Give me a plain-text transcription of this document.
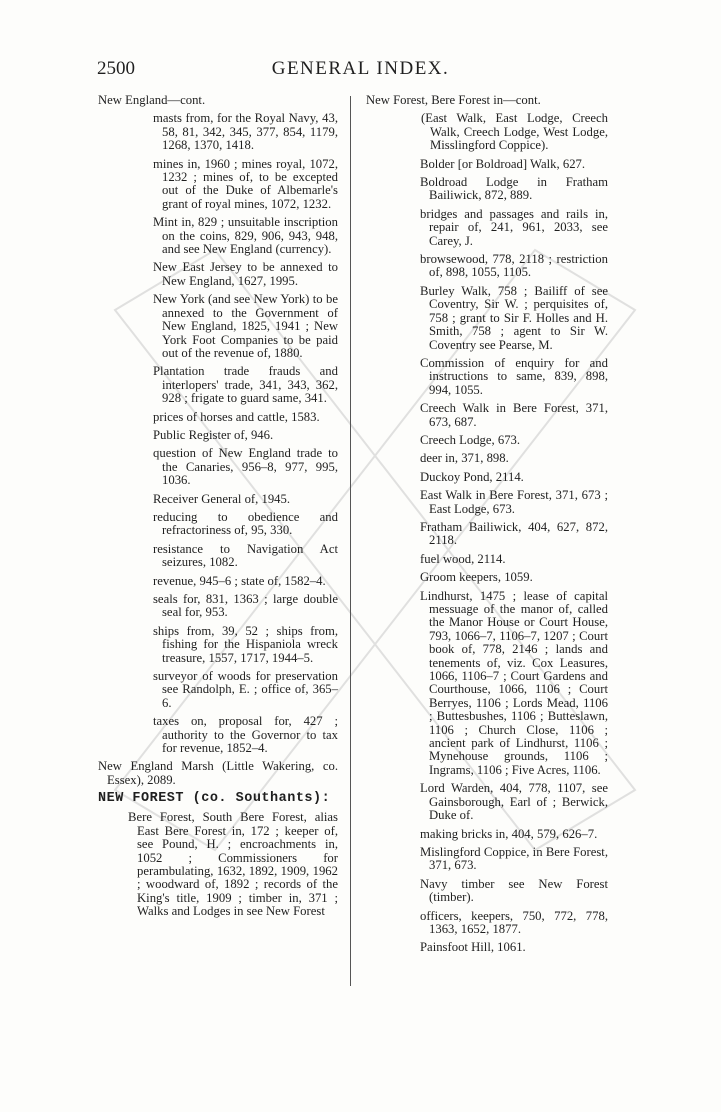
2500	GENERAL INDEX.
New England—cont.
masts from, for the Royal Navy, 43, 58, 81, 342, 345, 377, 854, 1179, 1268, 1370, 1418.
mines in, 1960 ; mines royal, 1072, 1232 ; mines of, to be excepted out of the Duke of Albemarle's grant of royal mines, 1072, 1232.
Mint in, 829 ; unsuitable inscription on the coins, 829, 906, 943, 948, and see New England (currency).
New East Jersey to be annexed to New England, 1627, 1995.
New York (and see New York) to be annexed to the Government of New England, 1825, 1941 ; New York Foot Companies to be paid out of the revenue of, 1880.
Plantation trade frauds and interlopers' trade, 341, 343, 362, 928 ; frigate to guard same, 341.
prices of horses and cattle, 1583.
Public Register of, 946.
question of New England trade to the Canaries, 956–8, 977, 995, 1036.
Receiver General of, 1945.
reducing to obedience and refractoriness of, 95, 330.
resistance to Navigation Act seizures, 1082.
revenue, 945–6 ; state of, 1582–4.
seals for, 831, 1363 ; large double seal for, 953.
ships from, 39, 52 ; ships from, fishing for the Hispaniola wreck treasure, 1557, 1717, 1944–5.
surveyor of woods for preservation see Randolph, E. ; office of, 365–6.
taxes on, proposal for, 427 ; authority to the Governor to tax for revenue, 1852–4.
New England Marsh (Little Wakering, co. Essex), 2089.
NEW FOREST (co. Southants):
Bere Forest, South Bere Forest, alias East Bere Forest in, 172 ; keeper of, see Pound, H. ; encroachments in, 1052 ; Commissioners for perambulating, 1632, 1892, 1909, 1962 ; woodward of, 1892 ; records of the King's title, 1909 ; timber in, 371 ; Walks and Lodges in see New Forest
New Forest, Bere Forest in—cont.
(East Walk, East Lodge, Creech Walk, Creech Lodge, West Lodge, Misslingford Coppice).
Bolder [or Boldroad] Walk, 627.
Boldroad Lodge in Fratham Bailiwick, 872, 889.
bridges and passages and rails in, repair of, 241, 961, 2033, see Carey, J.
browsewood, 778, 2118 ; restriction of, 898, 1055, 1105.
Burley Walk, 758 ; Bailiff of see Coventry, Sir W. ; perquisites of, 758 ; grant to Sir F. Holles and H. Smith, 758 ; agent to Sir W. Coventry see Pearse, M.
Commission of enquiry for and instructions to same, 839, 898, 994, 1055.
Creech Walk in Bere Forest, 371, 673, 687.
Creech Lodge, 673.
deer in, 371, 898.
Duckoy Pond, 2114.
East Walk in Bere Forest, 371, 673 ; East Lodge, 673.
Fratham Bailiwick, 404, 627, 872, 2118.
fuel wood, 2114.
Groom keepers, 1059.
Lindhurst, 1475 ; lease of capital messuage of the manor of, called the Manor House or Court House, 793, 1066–7, 1106–7, 1207 ; Court book of, 778, 2146 ; lands and tenements of, viz. Cox Leasures, 1066, 1106–7 ; Court Gardens and Courthouse, 1066, 1106 ; Court Berryes, 1106 ; Lords Mead, 1106 ; Buttesbushes, 1106 ; Butteslawn, 1106 ; Church Close, 1106 ; ancient park of Lindhurst, 1106 ; Mynehouse grounds, 1106 ; Ingrams, 1106 ; Five Acres, 1106.
Lord Warden, 404, 778, 1107, see Gainsborough, Earl of ; Berwick, Duke of.
making bricks in, 404, 579, 626–7.
Mislingford Coppice, in Bere Forest, 371, 673.
Navy timber see New Forest (timber).
officers, keepers, 750, 772, 778, 1363, 1652, 1877.
Painsfoot Hill, 1061.
